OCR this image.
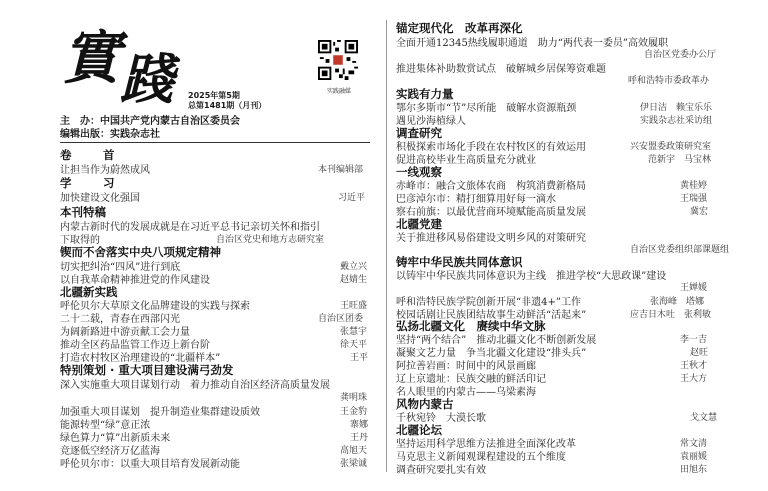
實 踐	2025年第5期
总第1481期（月刊）
实践融媒
主　办：中国共产党内蒙古自治区委员会
编辑出版：实践杂志社
卷　首
让担当作为蔚然成风	本刊编辑部
学　习
加快建设文化强国	习近平
本刊特稿
内蒙古新时代的发展成就是在习近平总书记亲切关怀和指引
下取得的	自治区党史和地方志研究室
锲而不舍落实中央八项规定精神
切实把纠治“四风”进行到底	戴立兴
以自我革命精神推进党的作风建设	赵婧生
北疆新实践
呼伦贝尔大草原文化品牌建设的实践与探索	王旺盛
二十二载，青春在西部闪光	自治区团委
为阔新路进中游贡献工会力量	张慧宇
推动全区药品监管工作迈上新台阶	徐天平
打造农村牧区治理建设的“北疆样本”	王平
特别策划 · 重大项目建设满弓劲发
深入实施重大项目谋划行动　着力推动自治区经济高质量发展
龚明珠
加强重大项目谋划　提升制造业集群建设质效	王金豹
能源转型“绿”意正浓	寨娜
绿色算力“算”出新质未来	王丹
竞逐低空经济万亿蓝海	高旭天
呼伦贝尔市：以重大项目培育发展新动能	张梁诚
锚定现代化　改革再深化
全面开通12345热线履职通道　助力“两代表一委员”高效履职
自治区党委办公厅
推进集体补助数赏试点　破解城乡居保筹资难题
呼和浩特市委政革办
实践有力量
鄂尔多斯市“节”尽所能　破解水资源瓶颈	伊日洁　赖宝乐乐
遇见沙海植绿人	实践杂志社采访组
调查研究
积极探索市场化手段在农村牧区的有效运用	兴安盟委政策研究室
促进高校毕业生高质量充分就业	范新宇　马宝林
一线观察
赤峰市：融合文旅体农商　构筑消费新格局	黄桂婷
巴彦淖尔市：精打细算用好每一滴水	王瑞强
察右前旗：以最优营商环境赋能高质量发展	冀宏
北疆党建
关于推进移风易俗建设文明乡风的对策研究
自治区党委组织部课题组
铸牢中华民族共同体意识
以铸牢中华民族共同体意识为主线　推进学校“大思政课”建设
王婵媛
呼和浩特民族学院创新开展“非遗4+”工作	张海峰　塔娜
校园话剧让民族团结故事生动鲜活“活起来”	应吉日木吐　张利敏
弘扬北疆文化　赓续中华文脉
坚持“两个结合”　推动北疆文化不断创新发展	李一吉
凝聚文艺力量　争当北疆文化建设“排头兵”	赵旺
阿拉善岩画：时间中的风景画廊	王秋才
辽上京遗址：民族交融的鲜活印记	王大方
名人眼里的内蒙古——乌梁素海
风物内蒙古
千秋宛铃　大漠长歌	戈文慧
北疆论坛
坚持运用科学思维方法推进全面深化改革	常文清
马克思主义新闻观课程建设的五个维度	袁丽媛
调查研究要扎实有效	田旭东
